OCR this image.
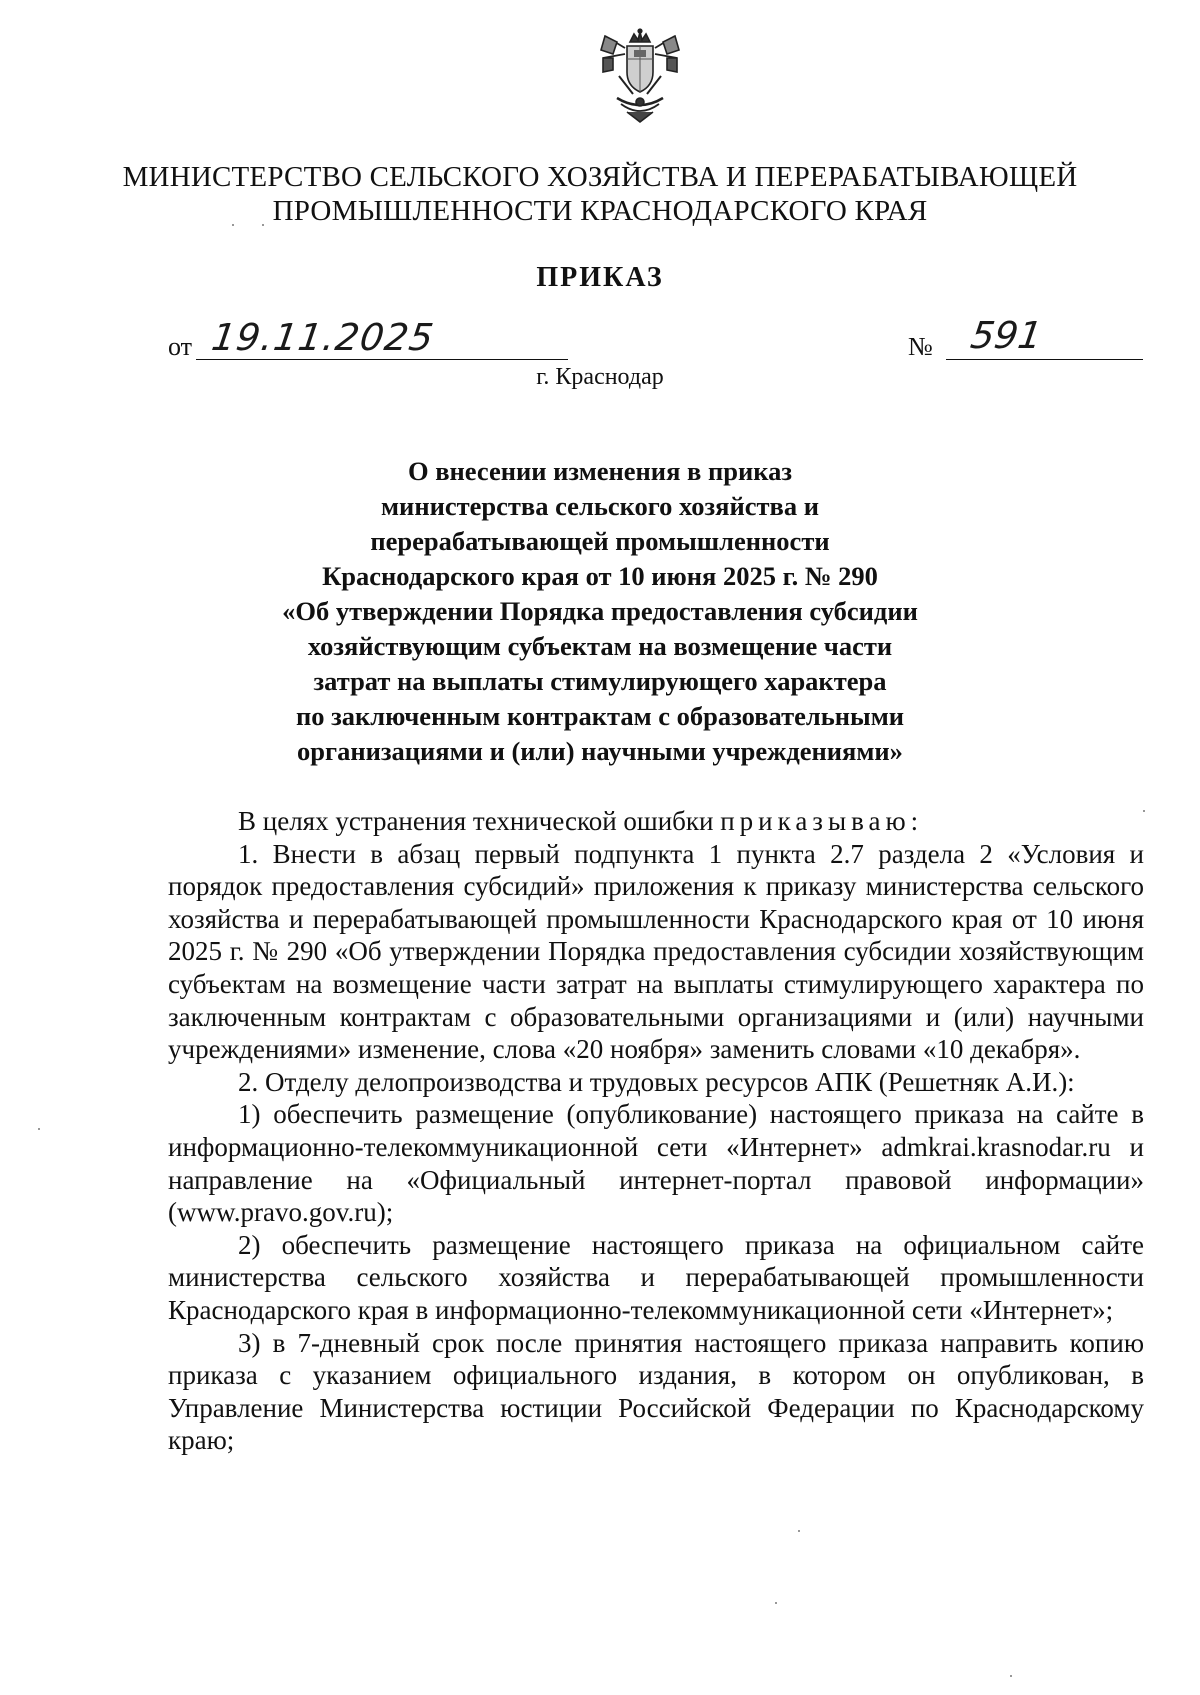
МИНИСТЕРСТВО СЕЛЬСКОГО ХОЗЯЙСТВА И ПЕРЕРАБАТЫВАЮЩЕЙ
ПРОМЫШЛЕННОСТИ КРАСНОДАРСКОГО КРАЯ
ПРИКАЗ
от 19.11.2025	№ 591
г. Краснодар

О внесении изменения в приказ

министерства сельского хозяйства и

перерабатывающей промышленности

Краснодарского края от 10 июня 2025 г. № 290

«Об утверждении Порядка предоставления субсидии

хозяйствующим субъектам на возмещение части

затрат на выплаты стимулирующего характера

по заключенным контрактам с образовательными

организациями и (или) научными учреждениями»

В целях устранения технической ошибки приказываю:

1. Внести в абзац первый подпункта 1 пункта 2.7 раздела 2 «Условия и порядок предоставления субсидий» приложения к приказу министерства сельского хозяйства и перерабатывающей промышленности Краснодарского края от 10 июня 2025 г. № 290 «Об утверждении Порядка предоставления субсидии хозяйствующим субъектам на возмещение части затрат на выплаты стимулирующего характера по заключенным контрактам с образовательными организациями и (или) научными учреждениями» изменение, слова «20 ноября» заменить словами «10 декабря».

2. Отделу делопроизводства и трудовых ресурсов АПК (Решетняк А.И.):

1) обеспечить размещение (опубликование) настоящего приказа на сайте в информационно-телекоммуникационной сети «Интернет» admkrai.krasnodar.ru и направление на «Официальный интернет-портал правовой информации» (www.pravo.gov.ru);

2) обеспечить размещение настоящего приказа на официальном сайте министерства сельского хозяйства и перерабатывающей промышленности Краснодарского края в информационно-телекоммуникационной сети «Интернет»;

3) в 7-дневный срок после принятия настоящего приказа направить копию приказа с указанием официального издания, в котором он опубликован, в Управление Министерства юстиции Российской Федерации по Краснодарскому краю;
